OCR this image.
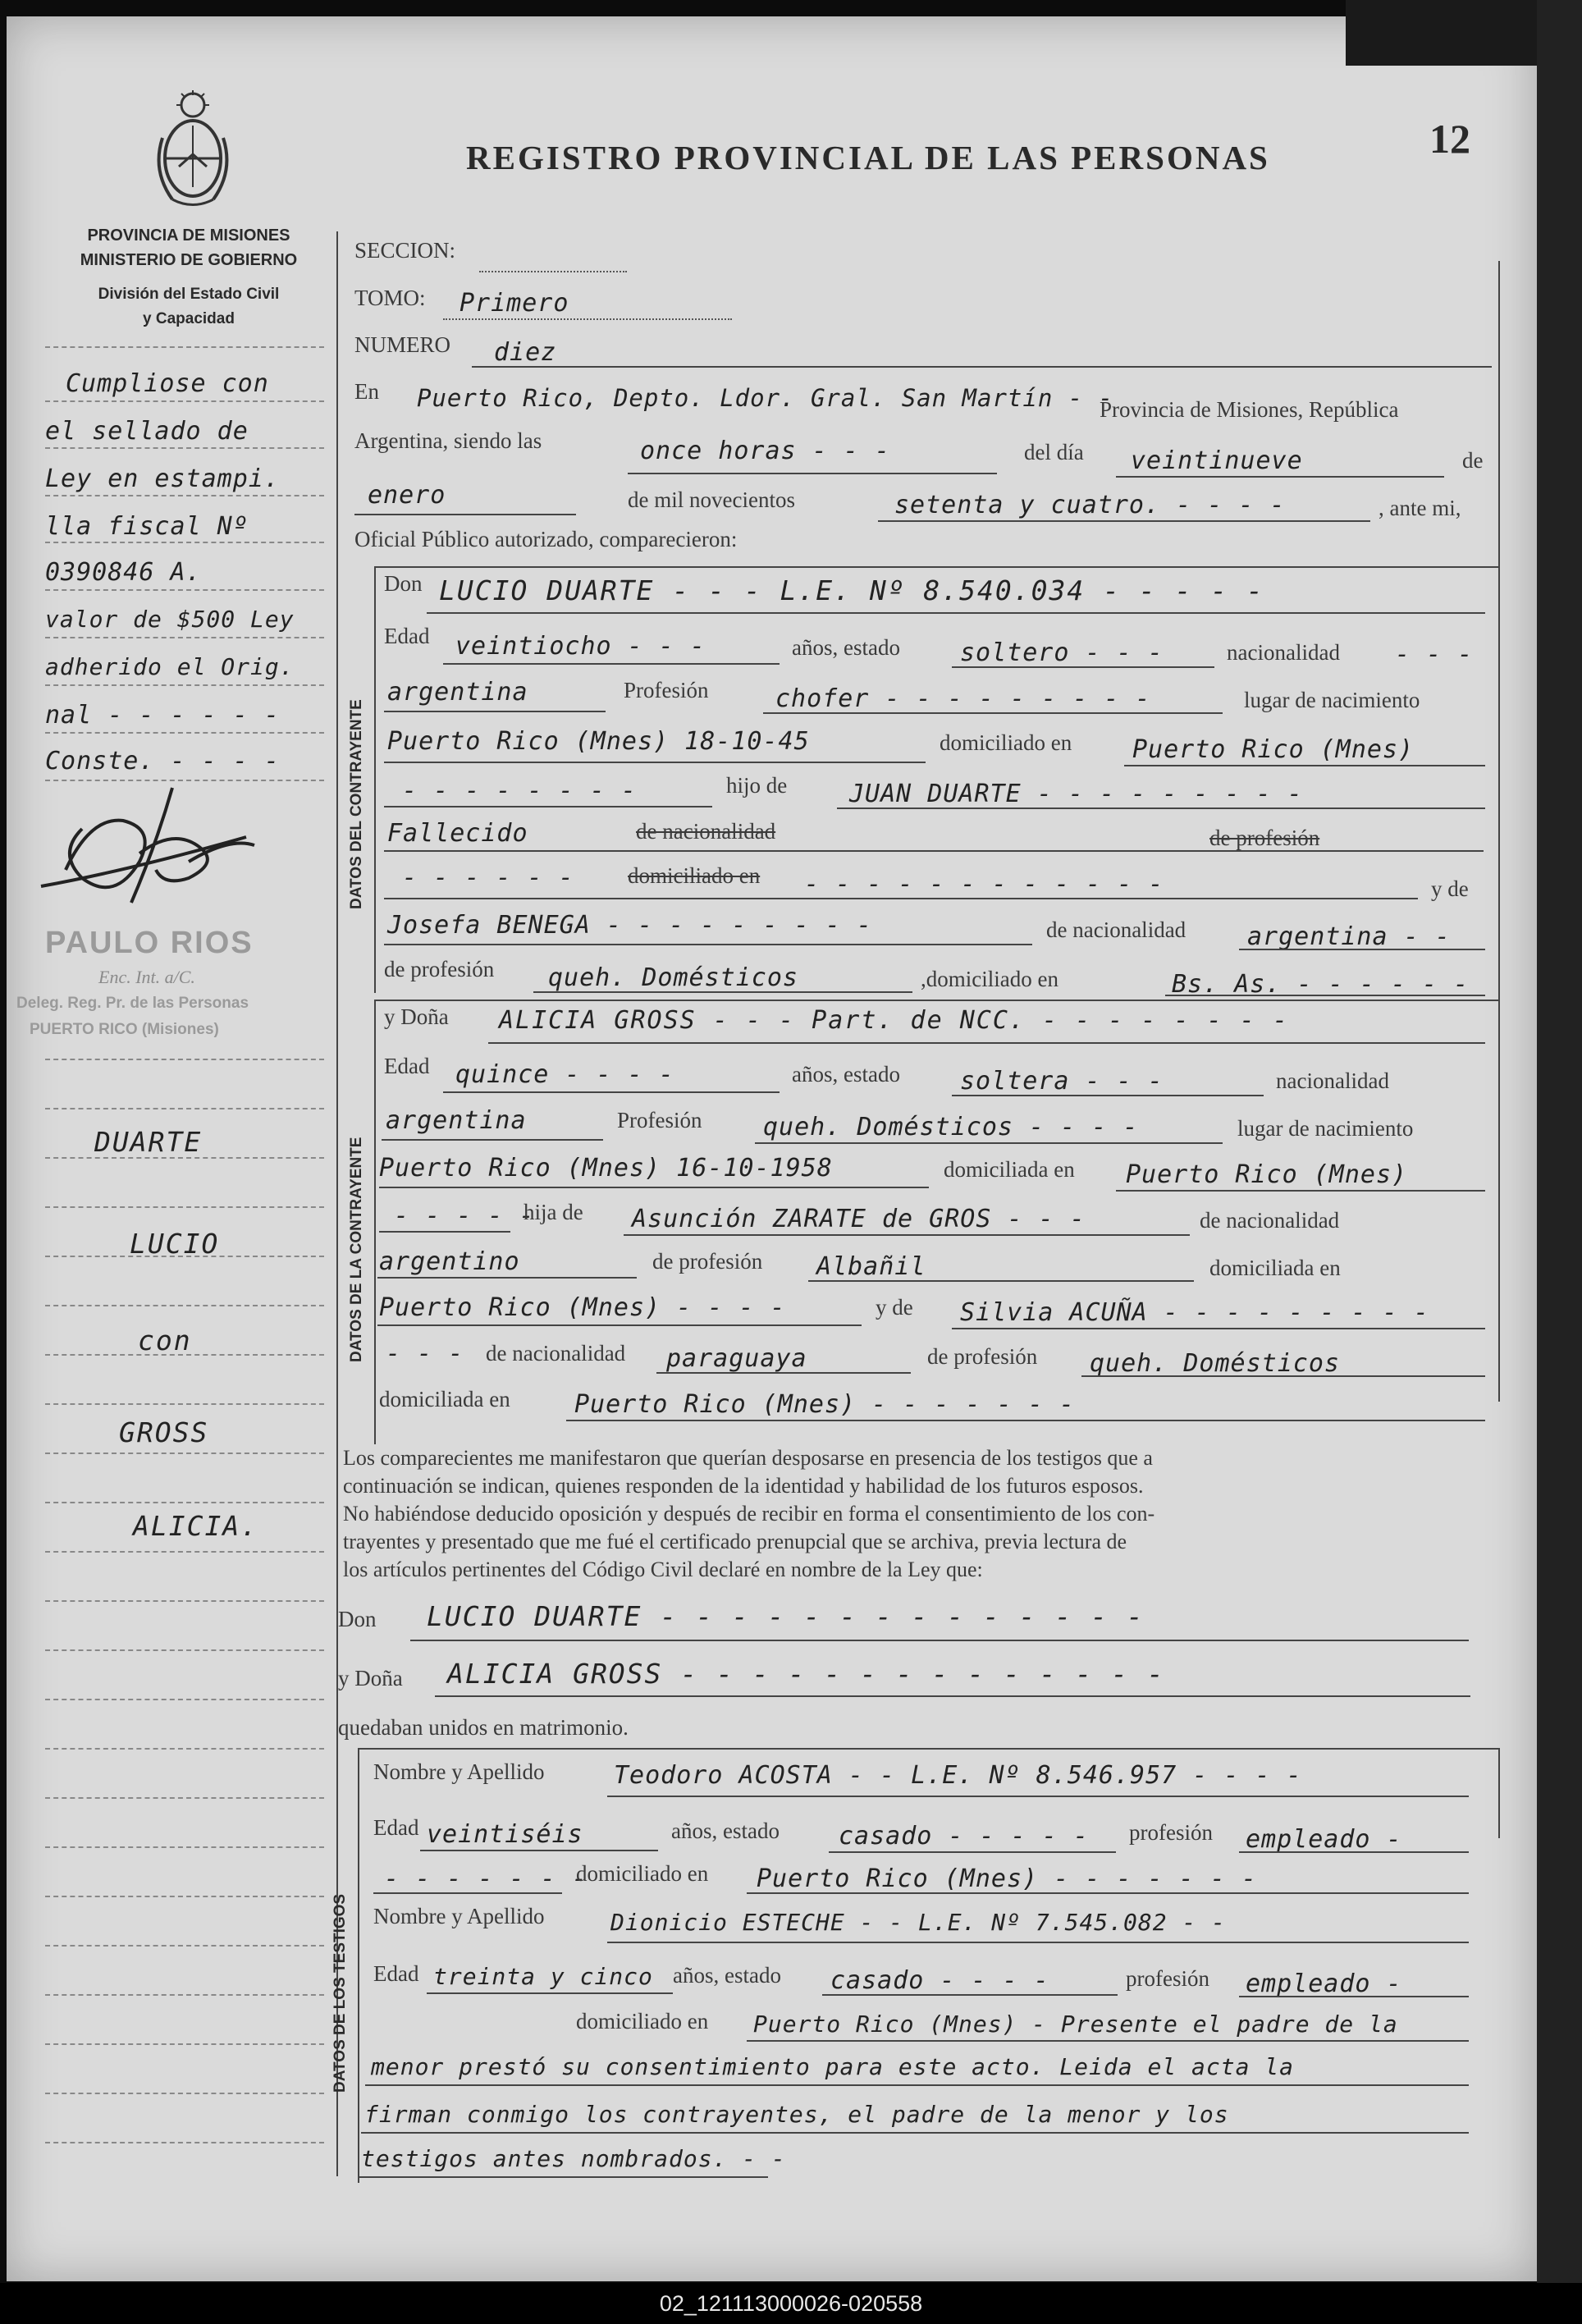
PROVINCIA DE MISIONES
MINISTERIO DE GOBIERNO
División del Estado Civil
y Capacidad
REGISTRO PROVINCIAL DE LAS PERSONAS	12
Cumpliose con
el sellado de
Ley en estampi.
lla fiscal Nº
0390846 A.
valor de $500 Ley
adherido el Orig.
nal - - - - - -
Conste. - - - -
PAULO RIOS
Enc. Int. a/C.
Deleg. Reg. Pr. de las Personas
PUERTO RICO (Misiones)
DUARTE
LUCIO
con
GROSS
ALICIA.
SECCION:
TOMO: Primero
NUMERO diez
En Puerto Rico, Depto. Ldor. Gral. San Martín - -
Provincia de Misiones, República
Argentina, siendo las	once horas - - -	del día veintinueve	de
enero	de mil novecientos	setenta y cuatro. - - - -	, ante mi,
Oficial Público autorizado, comparecieron:
DATOS DEL CONTRAYENTE
Don LUCIO DUARTE - - - L.E. Nº 8.540.034 - - - - -
Edad veintiocho - - -	años, estado soltero - - -	nacionalidad - - -
argentina	Profesión	chofer - - - - - - - - -	lugar de nacimiento
Puerto Rico (Mnes) 18-10-45	domiciliado en Puerto Rico (Mnes)
- - - - - - - -	hijo de	JUAN DUARTE - - - - - - - - -
Fallecido	de nacionalidad	de profesión
- - - - - - domiciliado en - - - - - - - - - - - -	y de
Josefa BENEGA - - - - - - - - -	de nacionalidad argentina - -
de profesión queh. Domésticos	,domiciliado en	Bs. As. - - - - - -
DATOS DE LA CONTRAYENTE
y Doña ALICIA GROSS - - - Part. de NCC. - - - - - - - -
Edad quince - - - -	años, estado soltera - - -	nacionalidad
argentina	Profesión queh. Domésticos - - - -	lugar de nacimiento
Puerto Rico (Mnes) 16-10-1958	domiciliada en Puerto Rico (Mnes)
- - - - -
hija de Asunción ZARATE de GROS - - -	de nacionalidad
argentino	de profesión Albañil	domiciliada en
Puerto Rico (Mnes) - - - -	y de Silvia ACUÑA - - - - - - - - -
- - - de nacionalidad paraguaya	de profesión queh. Domésticos
domiciliada en	Puerto Rico (Mnes) - - - - - - -
Los comparecientes me manifestaron que querían desposarse en presencia de los testigos que a
continuación se indican, quienes responden de la identidad y habilidad de los futuros esposos.
No habiéndose deducido oposición y después de recibir en forma el consentimiento de los con-
trayentes y presentado que me fué el certificado prenupcial que se archiva, previa lectura de
los artículos pertinentes del Código Civil declaré en nombre de la Ley que:
Don LUCIO DUARTE - - - - - - - - - - - - - -
y Doña ALICIA GROSS - - - - - - - - - - - - - -
quedaban unidos en matrimonio.
DATOS DE LOS TESTIGOS
Nombre y Apellido	Teodoro ACOSTA - - L.E. Nº 8.546.957 - - - -
Edad veintiséis	años, estado casado - - - - - profesión empleado -
- - - - - - -
domiciliado en Puerto Rico (Mnes) - - - - - - -
Nombre y Apellido	Dionicio ESTECHE - - L.E. Nº 7.545.082 - -
Edad treinta y cinco años, estado casado - - - -	profesión empleado -
domiciliado en Puerto Rico (Mnes) - Presente el padre de la
menor prestó su consentimiento para este acto. Leida el acta la
firman conmigo los contrayentes, el padre de la menor y los
testigos antes nombrados. - -
02_121113000026-020558
